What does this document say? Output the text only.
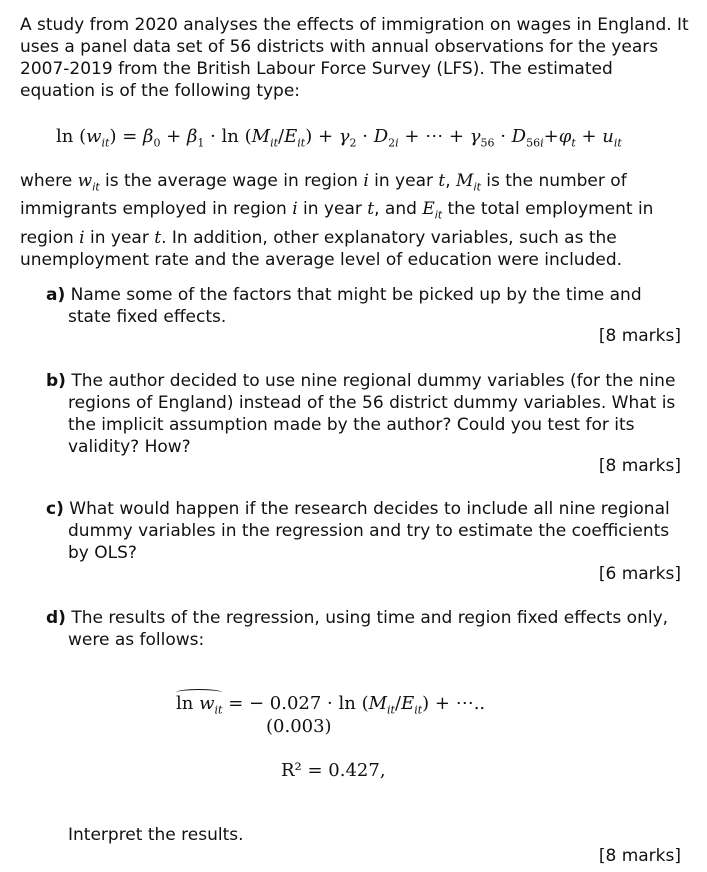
A study from 2020 analyses the effects of immigration on wages in England. It uses a panel data set of 56 districts with annual observations for the years 2007-2019 from the British Labour Force Survey (LFS). The estimated equation is of the following type:
$\ln (w_{it}) = \beta_0 + \beta_1 \cdot \ln (M_{it}/E_{it}) + \gamma_2 \cdot D_{2i}$ + ⋯ + $\gamma_{56} \cdot D_{56i}+\varphi_t + u_{it}$
where $w_{it}$ is the average wage in region i in year t, $M_{it}$ is the number of immigrants employed in region i in year t, and $E_{it}$ the total employment in region i in year t. In addition, other explanatory variables, such as the unemployment rate and the average level of education were included.
a) Name some of the factors that might be picked up by the time and state fixed effects.
[8 marks]
b) The author decided to use nine regional dummy variables (for the nine regions of England) instead of the 56 district dummy variables. What is the implicit assumption made by the author? Could you test for its validity? How?
[8 marks]
c) What would happen if the research decides to include all nine regional dummy variables in the regression and try to estimate the coefficients by OLS?
[6 marks]
d) The results of the regression, using time and region fixed effects only, were as follows:
$\ln w_{it}$ = − $0.027 \cdot \ln (M_{it}/E_{it})$ + ⋯..
(0.003)
R² = 0.427,
Interpret the results.
[8 marks]
